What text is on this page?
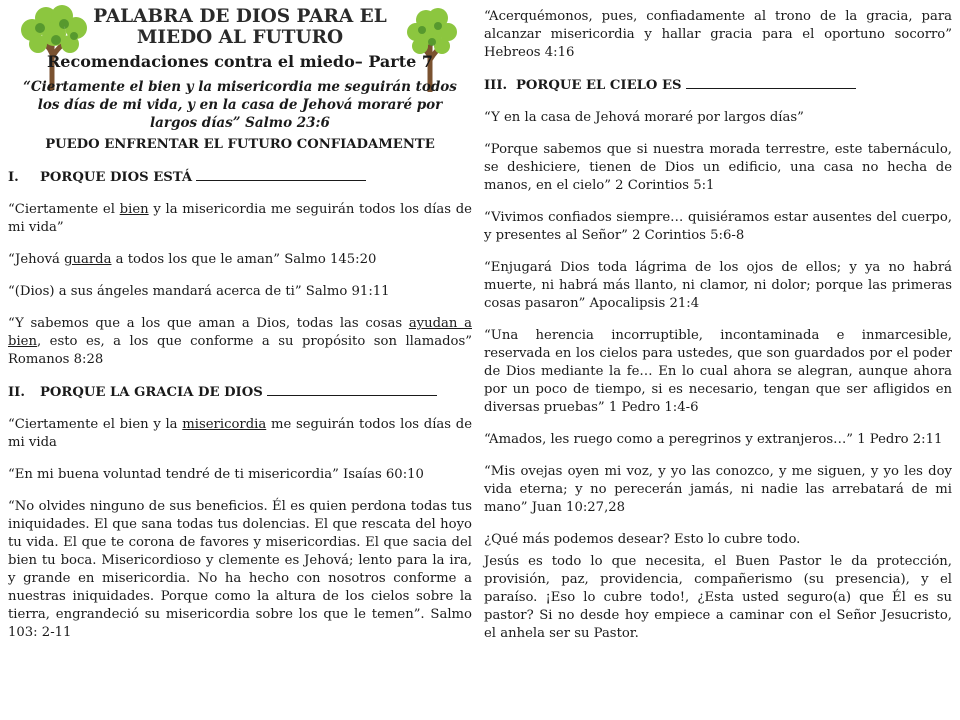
PALABRA DE DIOS PARA EL
MIEDO AL FUTURO
Recomendaciones contra el miedo– Parte 7
“Ciertamente el bien y la misericordia me seguirán todos los días de mi vida, y en la casa de Jehová moraré por largos días” Salmo 23:6
PUEDO ENFRENTAR EL FUTURO CONFIADAMENTE
I. PORQUE DIOS ESTÁ

“Ciertamente el bien y la misericordia me seguirán todos los días de mi vida”

“Jehová guarda a todos los que le aman” Salmo 145:20

“(Dios) a sus ángeles mandará acerca de ti” Salmo 91:11

“Y sabemos que a los que aman a Dios, todas las cosas ayudan a bien, esto es, a los que conforme a su propósito son llamados” Romanos 8:28

II. PORQUE LA GRACIA DE DIOS

“Ciertamente el bien y la misericordia me seguirán todos los días de mi vida

“En mi buena voluntad tendré de ti misericordia” Isaías 60:10

“No olvides ninguno de sus beneficios. Él es quien perdona todas tus iniquidades. El que sana todas tus dolencias. El que rescata del hoyo tu vida. El que te corona de favores y misericordias. El que sacia del bien tu boca. Misericordioso y clemente es Jehová; lento para la ira, y grande en misericordia. No ha hecho con nosotros conforme a nuestras iniquidades. Porque como la altura de los cielos sobre la tierra, engrandeció su misericordia sobre los que le temen”. Salmo 103: 2-11

“Acerquémonos, pues, confiadamente al trono de la gracia, para alcanzar misericordia y hallar gracia para el oportuno socorro” Hebreos 4:16

III. PORQUE EL CIELO ES

“Y en la casa de Jehová moraré por largos días”

“Porque sabemos que si nuestra morada terrestre, este tabernáculo, se deshiciere, tienen de Dios un edificio, una casa no hecha de manos, en el cielo” 2 Corintios 5:1

“Vivimos confiados siempre… quisiéramos estar ausentes del cuerpo, y presentes al Señor” 2 Corintios 5:6-8

“Enjugará Dios toda lágrima de los ojos de ellos; y ya no habrá muerte, ni habrá más llanto, ni clamor, ni dolor; porque las primeras cosas pasaron” Apocalipsis 21:4

“Una herencia incorruptible, incontaminada e inmarcesible, reservada en los cielos para ustedes, que son guardados por el poder de Dios mediante la fe… En lo cual ahora se alegran, aunque ahora por un poco de tiempo, si es necesario, tengan que ser afligidos en diversas pruebas” 1 Pedro 1:4-6

“Amados, les ruego como a peregrinos y extranjeros…” 1 Pedro 2:11

“Mis ovejas oyen mi voz, y yo las conozco, y me siguen, y yo les doy vida eterna; y no perecerán jamás, ni nadie las arrebatará de mi mano” Juan 10:27,28

¿Qué más podemos desear? Esto lo cubre todo.

Jesús es todo lo que necesita, el Buen Pastor le da protección, provisión, paz, providencia, compañerismo (su presencia), y el paraíso. ¡Eso lo cubre todo!, ¿Esta usted seguro(a) que Él es su pastor? Si no desde hoy empiece a caminar con el Señor Jesucristo, el anhela ser su Pastor.
